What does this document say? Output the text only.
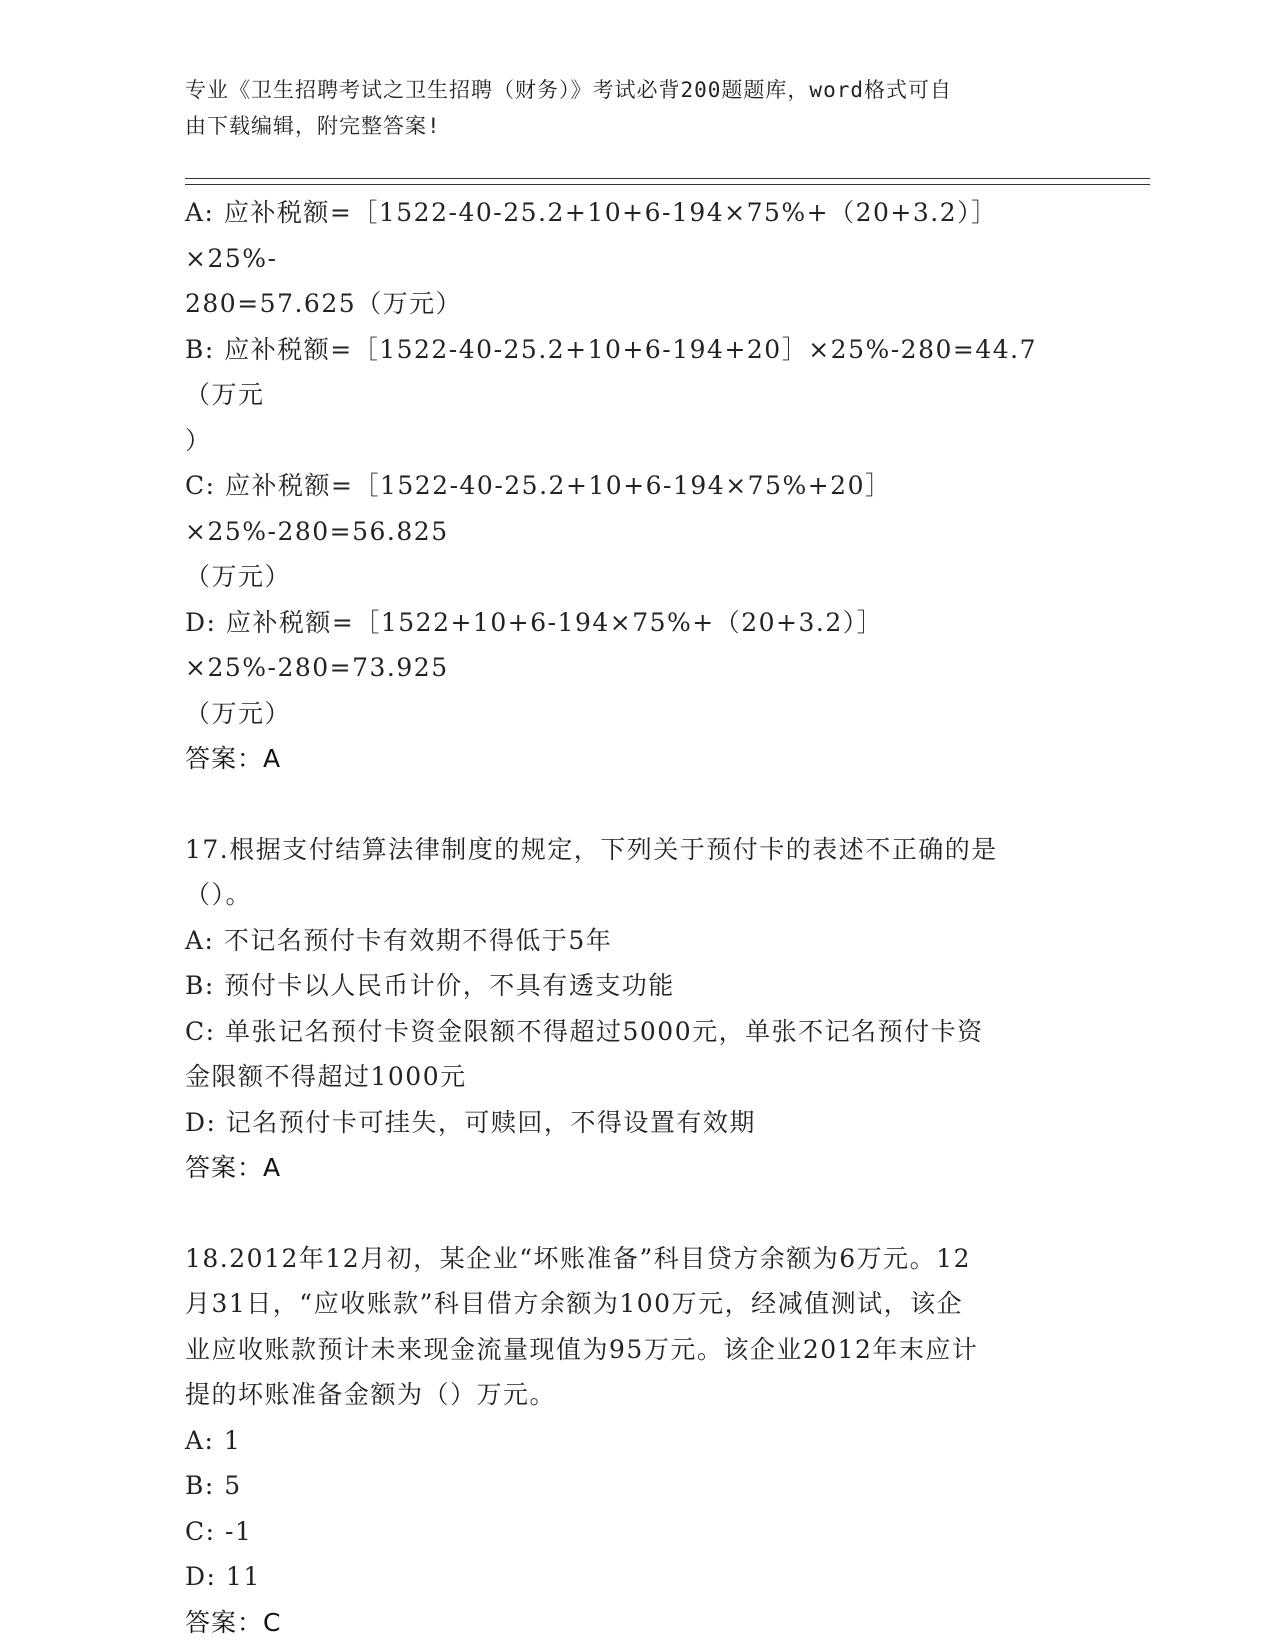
专业《卫生招聘考试之卫生招聘（财务）》考试必背200题题库，word格式可自
由下载编辑，附完整答案!

A: 应补税额=［1522-40-25.2+10+6-194×75%+（20+3.2）］×25%-

280=57.625（万元）

B: 应补税额=［1522-40-25.2+10+6-194+20］×25%-280=44.7（万元

）

C: 应补税额=［1522-40-25.2+10+6-194×75%+20］×25%-280=56.825

（万元）

D: 应补税额=［1522+10+6-194×75%+（20+3.2）］×25%-280=73.925

（万元）

答案：A

17.根据支付结算法律制度的规定，下列关于预付卡的表述不正确的是

（）。

A: 不记名预付卡有效期不得低于5年

B: 预付卡以人民币计价，不具有透支功能

C: 单张记名预付卡资金限额不得超过5000元，单张不记名预付卡资

金限额不得超过1000元

D: 记名预付卡可挂失，可赎回，不得设置有效期

答案：A

18.2012年12月初，某企业“坏账准备”科目贷方余额为6万元。12

月31日，“应收账款”科目借方余额为100万元，经减值测试，该企

业应收账款预计未来现金流量现值为95万元。该企业2012年末应计

提的坏账准备金额为（）万元。

A: 1

B: 5

C: -1

D: 11

答案：C
